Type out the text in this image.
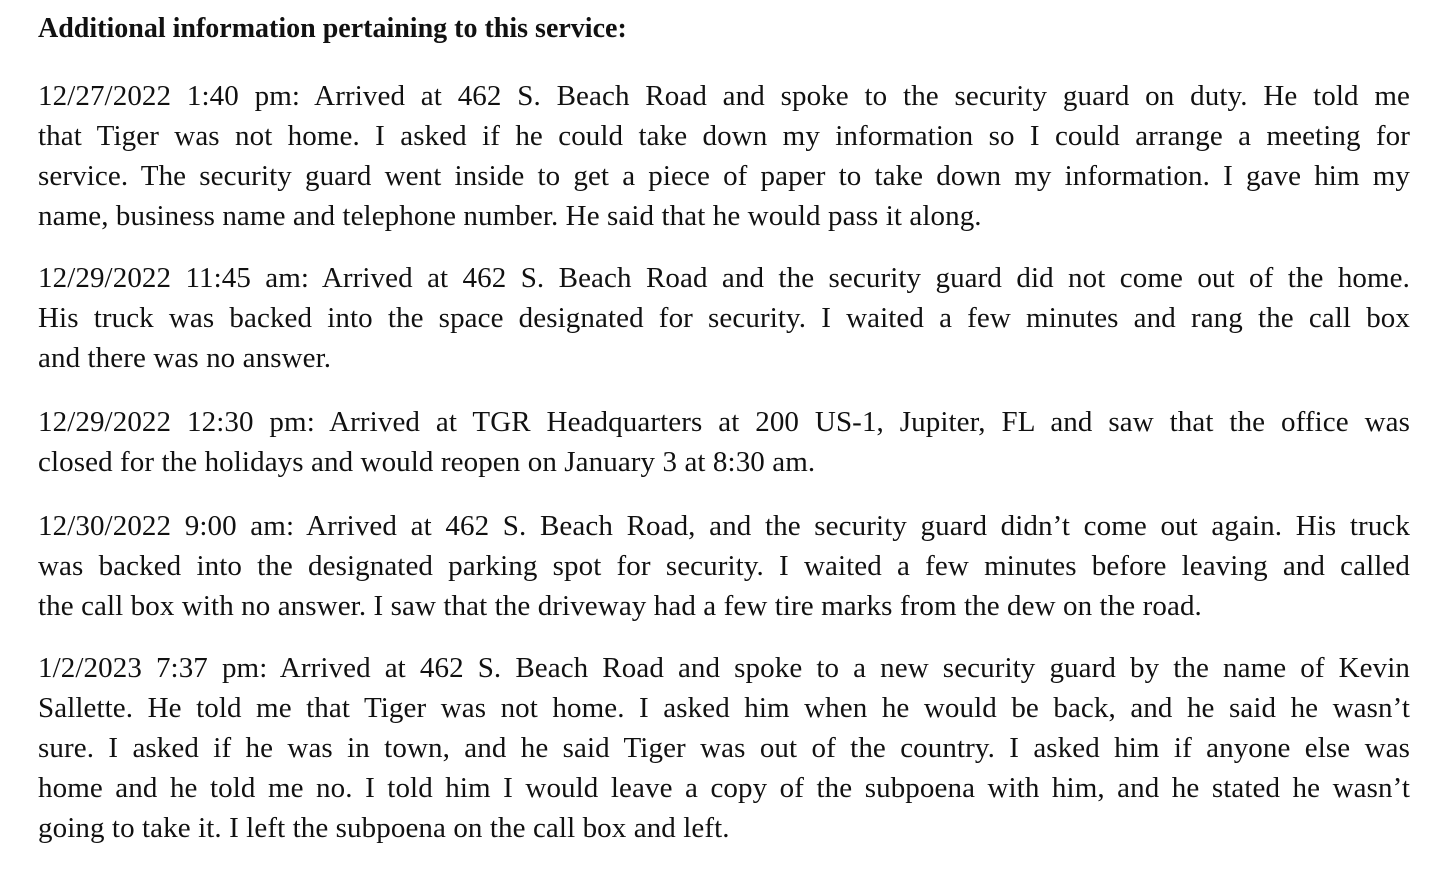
Additional information pertaining to this service:
12/27/2022 1:40 pm: Arrived at 462 S. Beach Road and spoke to the security guard on duty. He told me
that Tiger was not home. I asked if he could take down my information so I could arrange a meeting for
service. The security guard went inside to get a piece of paper to take down my information. I gave him my
name, business name and telephone number. He said that he would pass it along.
12/29/2022 11:45 am: Arrived at 462 S. Beach Road and the security guard did not come out of the home.
His truck was backed into the space designated for security. I waited a few minutes and rang the call box
and there was no answer.
12/29/2022 12:30 pm: Arrived at TGR Headquarters at 200 US-1, Jupiter, FL and saw that the office was
closed for the holidays and would reopen on January 3 at 8:30 am.
12/30/2022 9:00 am: Arrived at 462 S. Beach Road, and the security guard didn’t come out again. His truck
was backed into the designated parking spot for security. I waited a few minutes before leaving and called
the call box with no answer. I saw that the driveway had a few tire marks from the dew on the road.
1/2/2023 7:37 pm: Arrived at 462 S. Beach Road and spoke to a new security guard by the name of Kevin
Sallette. He told me that Tiger was not home. I asked him when he would be back, and he said he wasn’t
sure. I asked if he was in town, and he said Tiger was out of the country. I asked him if anyone else was
home and he told me no. I told him I would leave a copy of the subpoena with him, and he stated he wasn’t
going to take it. I left the subpoena on the call box and left.
